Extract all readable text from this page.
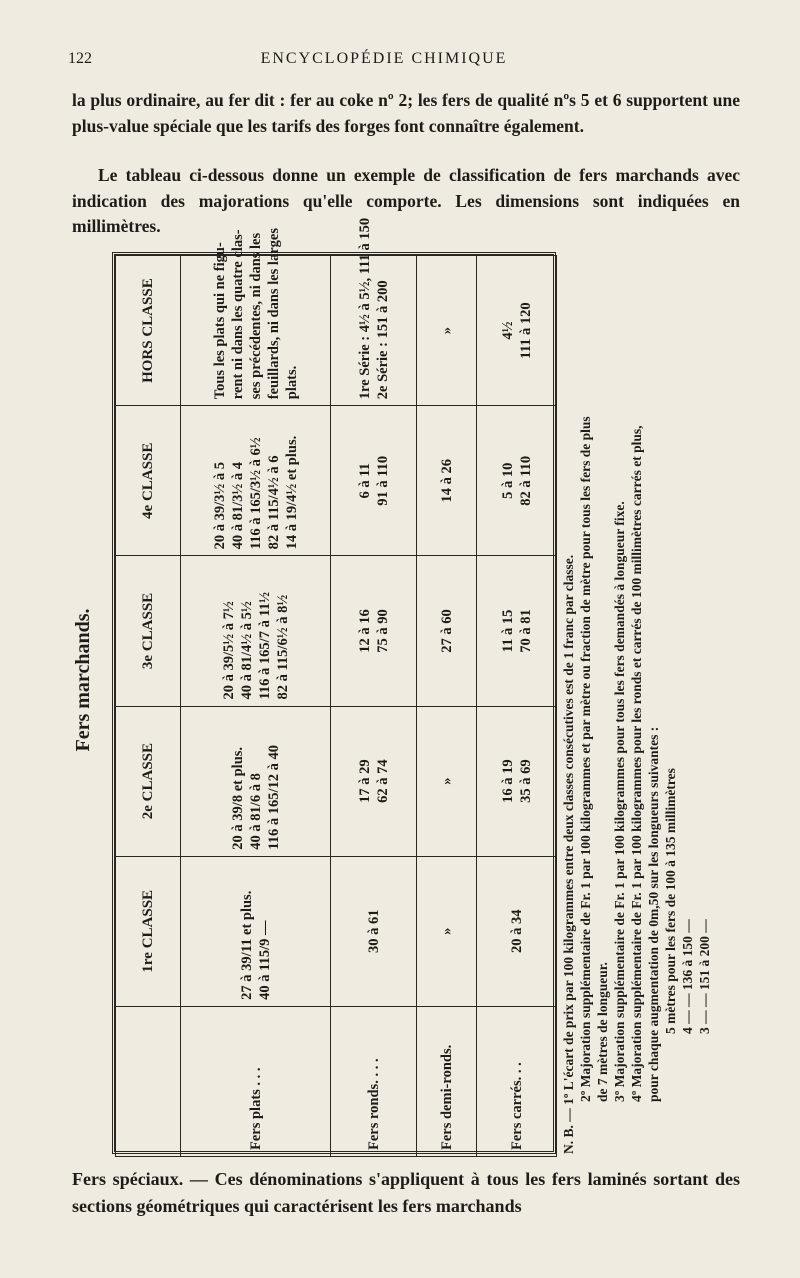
122	ENCYCLOPÉDIE CHIMIQUE
la plus ordinaire, au fer dit : fer au coke nº 2; les fers de qualité nºs 5 et 6 supportent une plus-value spéciale que les tarifs des forges font connaître également.
Le tableau ci-dessous donne un exemple de classification de fers marchands avec indication des majorations qu'elle comporte. Les dimensions sont indiquées en millimètres.
Fers marchands.
	1re CLASSE	2e CLASSE	3e CLASSE	4e CLASSE	HORS CLASSE
Fers plats . . .	27 à 39/11 et plus. 40 à 115/9 —	20 à 39/8 et plus. 40 à 81/6 à 8 116 à 165/12 à 40	20 à 39/5½ à 7½ 40 à 81/4½ à 5½ 116 à 165/7 à 11½ 82 à 115/6½ à 8½	20 à 39/3½ à 5 40 à 81/3½ à 4 116 à 165/3½ à 6½ 82 à 115/4½ à 6 14 à 19/4½ et plus.	Tous les plats qui ne figu- rent ni dans les quatre clas- ses précédentes, ni dans les feuillards, ni dans les larges plats.

Fers ronds. . . .	30 à 61	17 à 29 62 à 74	12 à 16 75 à 90	6 à 11 91 à 110	1re Série : 4½ à 5½, 111 à 150 2e Série : 151 à 200

Fers demi-ronds.	»	»	27 à 60	14 à 26	»

Fers carrés. . .	20 à 34	16 à 19 35 à 69	11 à 15 70 à 81	5 à 10 82 à 110	4½ 111 à 120
N. B. — 1º L'écart de prix par 100 kilogrammes entre deux classes consécutives est de 1 franc par classe. 2º Majoration supplémentaire de Fr. 1 par 100 kilogrammes et par mètre ou fraction de mètre pour tous les fers de plus de 7 mètres de longueur. 3º Majoration supplémentaire de Fr. 1 par 100 kilogrammes pour tous les fers demandés à longueur fixe. 4º Majoration supplémentaire de Fr. 1 par 100 kilogrammes pour les ronds et carrés de 100 millimètres carrés et plus, pour chaque augmentation de 0m,50 sur les longueurs suivantes : 5 mètres pour les fers de 100 à 135 millimètres 4 — — 136 à 150 — 3 — — 151 à 200 —
Fers spéciaux. — Ces dénominations s'appliquent à tous les fers laminés sortant des sections géométriques qui caractérisent les fers marchands
